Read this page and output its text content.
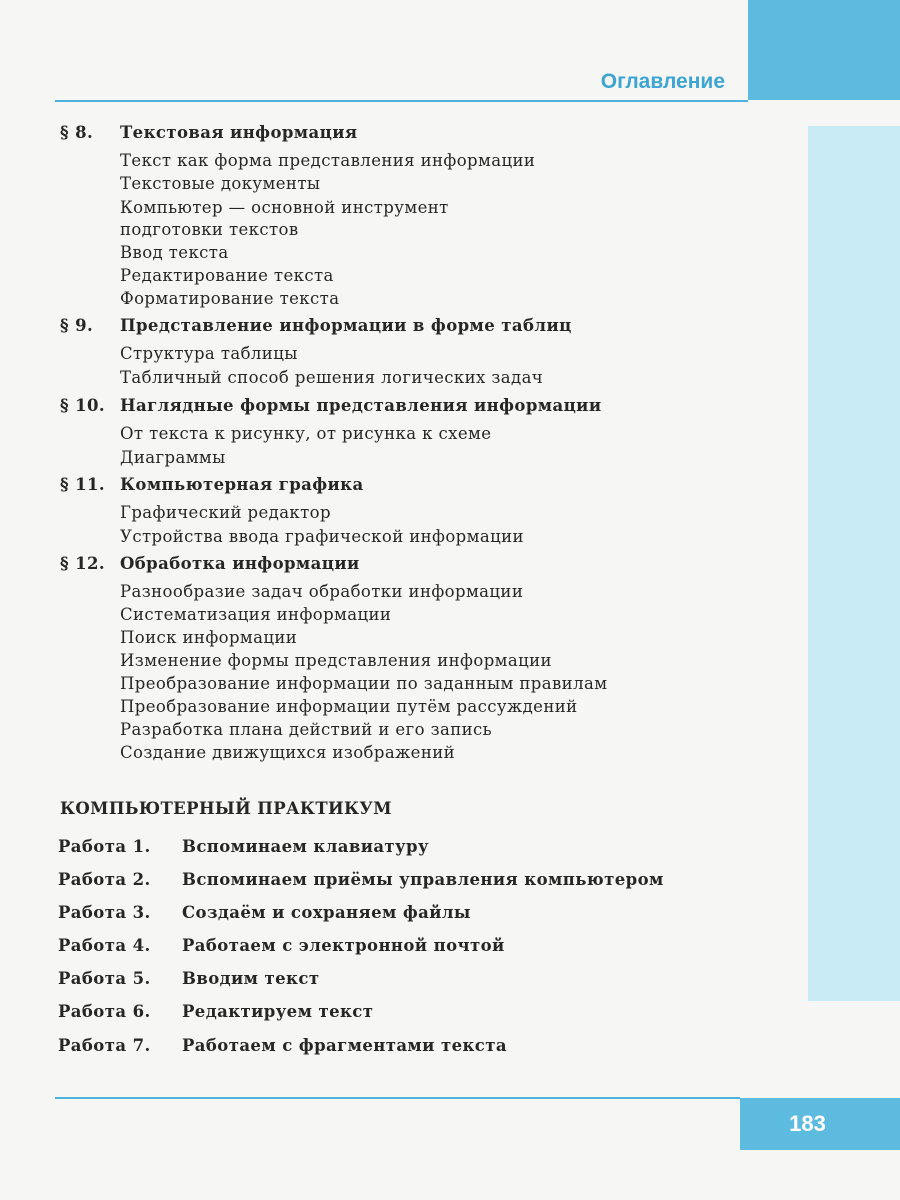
Оглавление
183
§ 8. Текстовая информация
Текст как форма представления информации
Текстовые документы
Компьютер — основной инструмент
подготовки текстов
Ввод текста
Редактирование текста
Форматирование текста
§ 9. Представление информации в форме таблиц
Структура таблицы
Табличный способ решения логических задач
§ 10. Наглядные формы представления информации
От текста к рисунку, от рисунка к схеме
Диаграммы
§ 11. Компьютерная графика
Графический редактор
Устройства ввода графической информации
§ 12. Обработка информации
Разнообразие задач обработки информации
Систематизация информации
Поиск информации
Изменение формы представления информации
Преобразование информации по заданным правилам
Преобразование информации путём рассуждений
Разработка плана действий и его запись
Создание движущихся изображений
КОМПЬЮТЕРНЫЙ ПРАКТИКУМ
Работа 1. Вспоминаем клавиатуру
Работа 2. Вспоминаем приёмы управления компьютером
Работа 3. Создаём и сохраняем файлы
Работа 4. Работаем с электронной почтой
Работа 5. Вводим текст
Работа 6. Редактируем текст
Работа 7. Работаем с фрагментами текста
